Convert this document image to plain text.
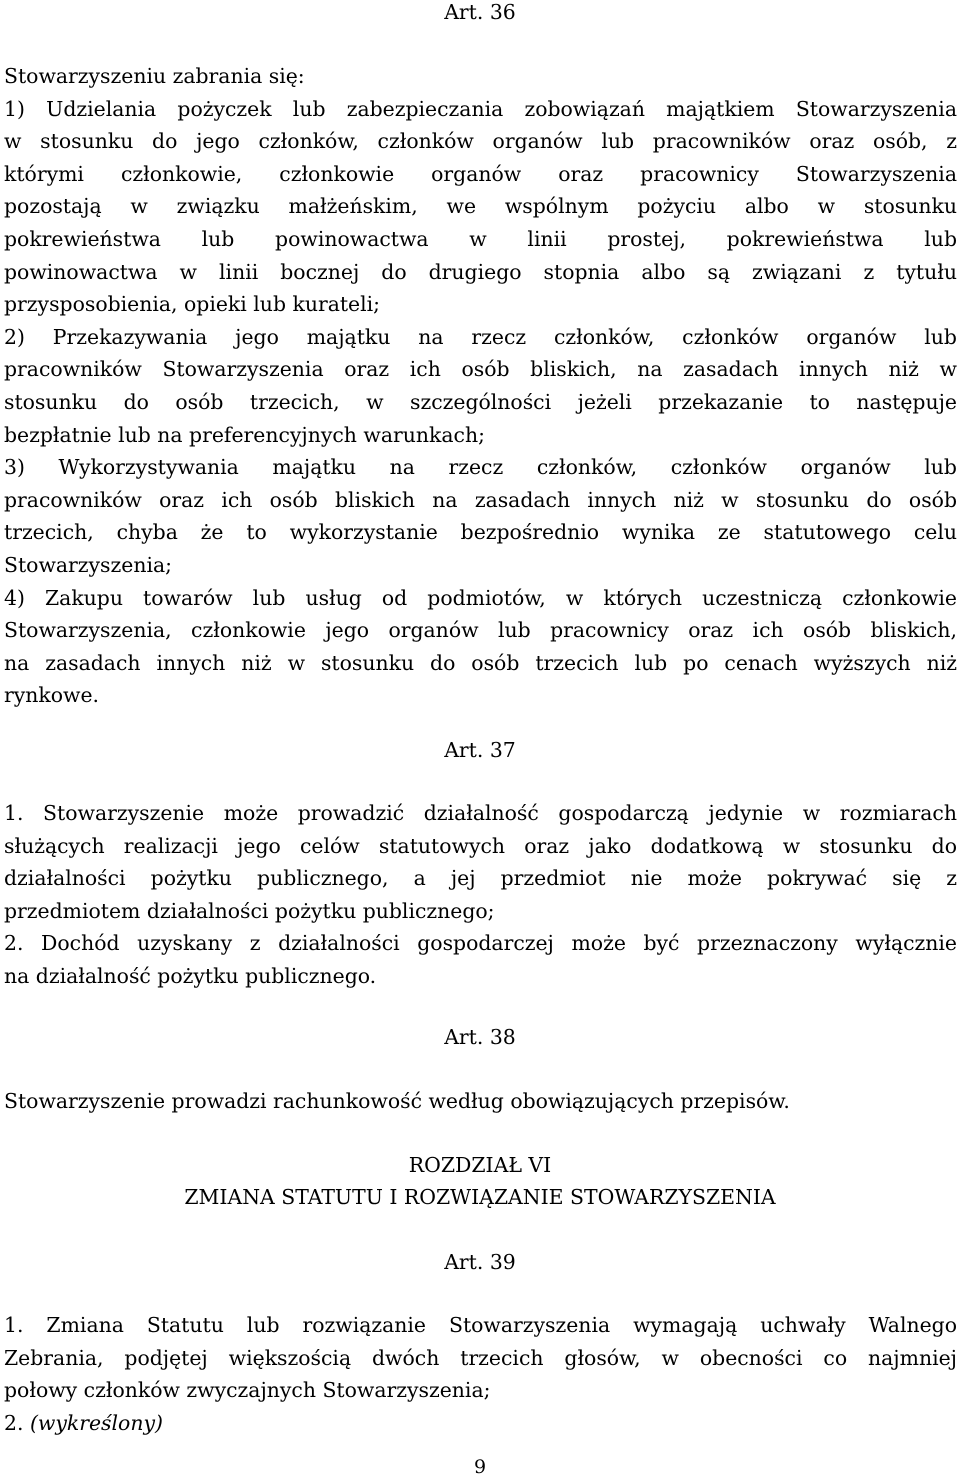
Art. 36
Stowarzyszeniu zabrania się:
1) Udzielania pożyczek lub zabezpieczania zobowiązań majątkiem Stowarzyszenia
w stosunku do jego członków, członków organów lub pracowników oraz osób, z
którymi członkowie, członkowie organów oraz pracownicy Stowarzyszenia
pozostają w związku małżeńskim, we wspólnym pożyciu albo w stosunku
pokrewieństwa lub powinowactwa w linii prostej, pokrewieństwa lub
powinowactwa w linii bocznej do drugiego stopnia albo są związani z tytułu
przysposobienia, opieki lub kurateli;
2) Przekazywania jego majątku na rzecz członków, członków organów lub
pracowników Stowarzyszenia oraz ich osób bliskich, na zasadach innych niż w
stosunku do osób trzecich, w szczególności jeżeli przekazanie to następuje
bezpłatnie lub na preferencyjnych warunkach;
3) Wykorzystywania majątku na rzecz członków, członków organów lub
pracowników oraz ich osób bliskich na zasadach innych niż w stosunku do osób
trzecich, chyba że to wykorzystanie bezpośrednio wynika ze statutowego celu
Stowarzyszenia;
4) Zakupu towarów lub usług od podmiotów, w których uczestniczą członkowie
Stowarzyszenia, członkowie jego organów lub pracownicy oraz ich osób bliskich,
na zasadach innych niż w stosunku do osób trzecich lub po cenach wyższych niż
rynkowe.
Art. 37
1. Stowarzyszenie może prowadzić działalność gospodarczą jedynie w rozmiarach
służących realizacji jego celów statutowych oraz jako dodatkową w stosunku do
działalności pożytku publicznego, a jej przedmiot nie może pokrywać się z
przedmiotem działalności pożytku publicznego;
2. Dochód uzyskany z działalności gospodarczej może być przeznaczony wyłącznie
na działalność pożytku publicznego.
Art. 38
Stowarzyszenie prowadzi rachunkowość według obowiązujących przepisów.
ROZDZIAŁ VI
ZMIANA STATUTU I ROZWIĄZANIE STOWARZYSZENIA
Art. 39
1. Zmiana Statutu lub rozwiązanie Stowarzyszenia wymagają uchwały Walnego
Zebrania, podjętej większością dwóch trzecich głosów, w obecności co najmniej
połowy członków zwyczajnych Stowarzyszenia;
2. (wykreślony)
9
